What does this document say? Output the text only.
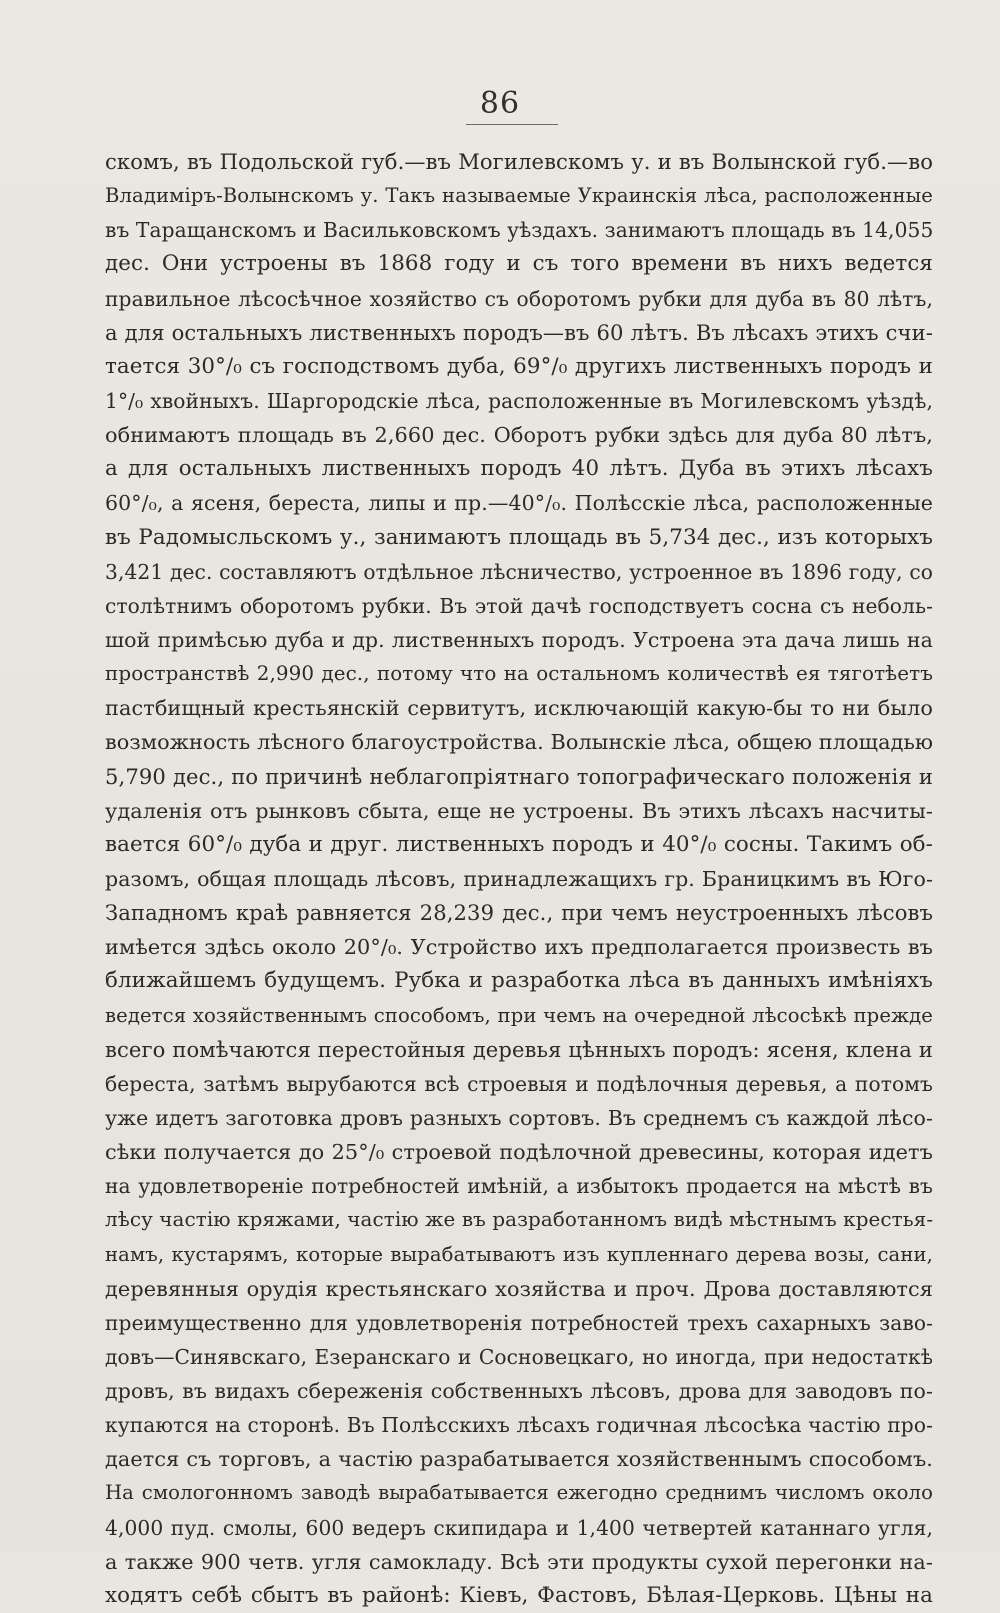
86
скомъ, въ Подольской губ.—въ Могилевскомъ у. и въ Волынской губ.—во
Владимiръ-Волынскомъ у. Такъ называемые Украинскiя лѣса, расположенные
въ Таращанскомъ и Васильковскомъ уѣздахъ. занимаютъ площадь въ 14,055
дес. Они устроены въ 1868 году и съ того времени въ нихъ ведется
правильное лѣсосѣчное хозяйство съ оборотомъ рубки для дуба въ 80 лѣтъ,
а для остальныхъ лиственныхъ породъ—въ 60 лѣтъ. Въ лѣсахъ этихъ счи-
тается 30°/₀ съ господствомъ дуба, 69°/₀ другихъ лиственныхъ породъ и
1°/₀ хвойныхъ. Шаргородскiе лѣса, расположенные въ Могилевскомъ уѣздѣ,
обнимаютъ площадь въ 2,660 дес. Оборотъ рубки здѣсь для дуба 80 лѣтъ,
а для остальныхъ лиственныхъ породъ 40 лѣтъ. Дуба въ этихъ лѣсахъ
60°/₀, а ясеня, береста, липы и пр.—40°/₀. Полѣсскiе лѣса, расположенные
въ Радомысльскомъ у., занимаютъ площадь въ 5,734 дес., изъ которыхъ
3,421 дес. составляютъ отдѣльное лѣсничество, устроенное въ 1896 году, со
столѣтнимъ оборотомъ рубки. Въ этой дачѣ господствуетъ сосна съ неболь-
шой примѣсью дуба и др. лиственныхъ породъ. Устроена эта дача лишь на
пространствѣ 2,990 дес., потому что на остальномъ количествѣ ея тяготѣетъ
пастбищный крестьянскiй сервитутъ, исключающiй какую-бы то ни было
возможность лѣсного благоустройства. Волынскiе лѣса, общею площадью
5,790 дес., по причинѣ неблагопрiятнаго топографическаго положенiя и
удаленiя отъ рынковъ сбыта, еще не устроены. Въ этихъ лѣсахъ насчиты-
вается 60°/₀ дуба и друг. лиственныхъ породъ и 40°/₀ сосны. Такимъ об-
разомъ, общая площадь лѣсовъ, принадлежащихъ гр. Браницкимъ въ Юго-
Западномъ краѣ равняется 28,239 дес., при чемъ неустроенныхъ лѣсовъ
имѣется здѣсь около 20°/₀. Устройство ихъ предполагается произвесть въ
ближайшемъ будущемъ. Рубка и разработка лѣса въ данныхъ имѣнiяхъ
ведется хозяйственнымъ способомъ, при чемъ на очередной лѣсосѣкѣ прежде
всего помѣчаются перестойныя деревья цѣнныхъ породъ: ясеня, клена и
береста, затѣмъ вырубаются всѣ строевыя и подѣлочныя деревья, а потомъ
уже идетъ заготовка дровъ разныхъ сортовъ. Въ среднемъ съ каждой лѣсо-
сѣки получается до 25°/₀ строевой подѣлочной древесины, которая идетъ
на удовлетворенiе потребностей имѣнiй, а избытокъ продается на мѣстѣ въ
лѣсу частiю кряжами, частiю же въ разработанномъ видѣ мѣстнымъ крестья-
намъ, кустарямъ, которые вырабатываютъ изъ купленнаго дерева возы, сани,
деревянныя орудiя крестьянскаго хозяйства и проч. Дрова доставляются
преимущественно для удовлетворенiя потребностей трехъ сахарныхъ заво-
довъ—Синявскаго, Езеранскаго и Сосновецкаго, но иногда, при недостаткѣ
дровъ, въ видахъ сбереженiя собственныхъ лѣсовъ, дрова для заводовъ по-
купаются на сторонѣ. Въ Полѣсскихъ лѣсахъ годичная лѣсосѣка частiю про-
дается съ торговъ, а частiю разрабатывается хозяйственнымъ способомъ.
На смологонномъ заводѣ вырабатывается ежегодно среднимъ числомъ около
4,000 пуд. смолы, 600 ведеръ скипидара и 1,400 четвертей катаннаго угля,
а также 900 четв. угля самокладу. Всѣ эти продукты сухой перегонки на-
ходятъ себѣ сбытъ въ районѣ: Кiевъ, Фастовъ, Бѣлая-Церковь. Цѣны на
